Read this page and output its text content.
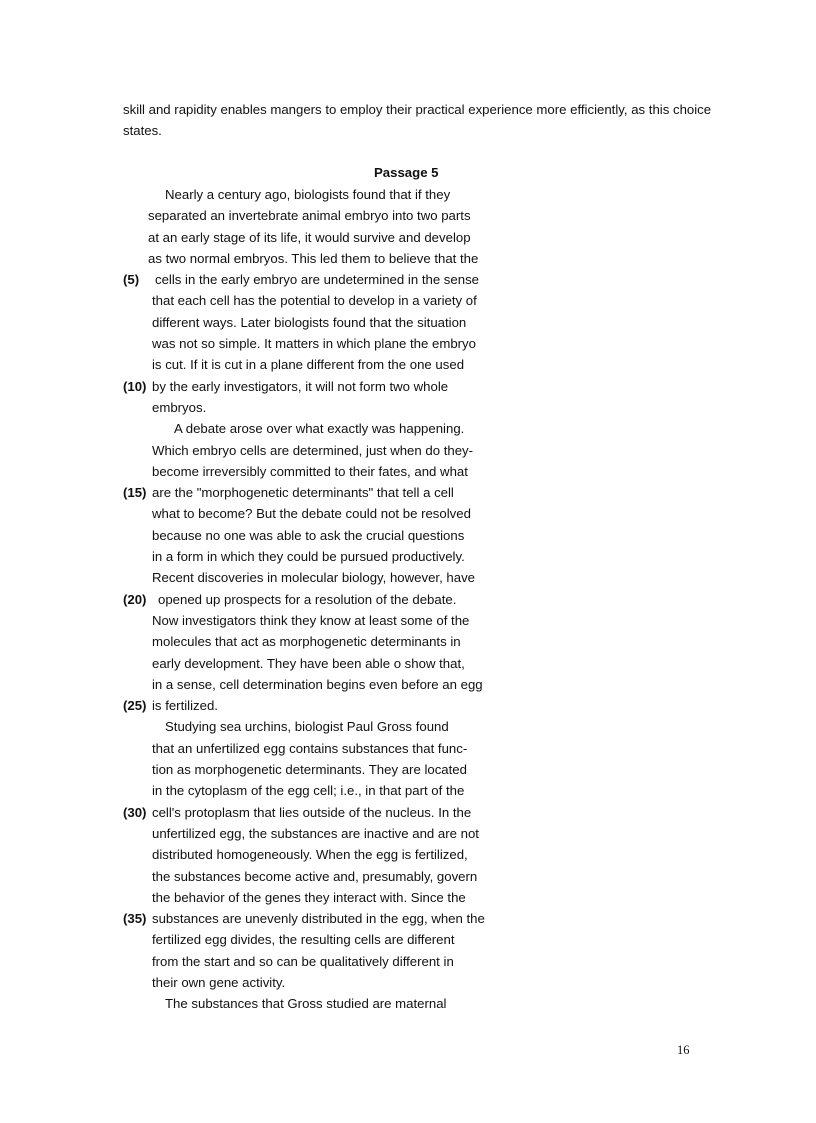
skill and rapidity enables mangers to employ their practical experience more efficiently, as this choice states.
Passage 5
Nearly a century ago, biologists found that if they
separated an invertebrate animal embryo into two parts
at an early stage of its life, it would survive and develop
as two normal embryos. This led them to believe that the
(5) cells in the early embryo are undetermined in the sense
that each cell has the potential to develop in a variety of
different ways. Later biologists found that the situation
was not so simple. It matters in which plane the embryo
is cut. If it is cut in a plane different from the one used
(10) by the early investigators, it will not form two whole
embryos.
A debate arose over what exactly was happening.
Which embryo cells are determined, just when do they-
become irreversibly committed to their fates, and what
(15) are the "morphogenetic determinants" that tell a cell
what to become? But the debate could not be resolved
because no one was able to ask the crucial questions
in a form in which they could be pursued productively.
Recent discoveries in molecular biology, however, have
(20) opened up prospects for a resolution of the debate.
Now investigators think they know at least some of the
molecules that act as morphogenetic determinants in
early development. They have been able o show that,
in a sense, cell determination begins even before an egg
(25) is fertilized.
Studying sea urchins, biologist Paul Gross found
that an unfertilized egg contains substances that func-
tion as morphogenetic determinants. They are located
in the cytoplasm of the egg cell; i.e., in that part of the
(30) cell's protoplasm that lies outside of the nucleus. In the
unfertilized egg, the substances are inactive and are not
distributed homogeneously. When the egg is fertilized,
the substances become active and, presumably, govern
the behavior of the genes they interact with. Since the
(35) substances are unevenly distributed in the egg, when the
fertilized egg divides, the resulting cells are different
from the start and so can be qualitatively different in
their own gene activity.
The substances that Gross studied are maternal
16
